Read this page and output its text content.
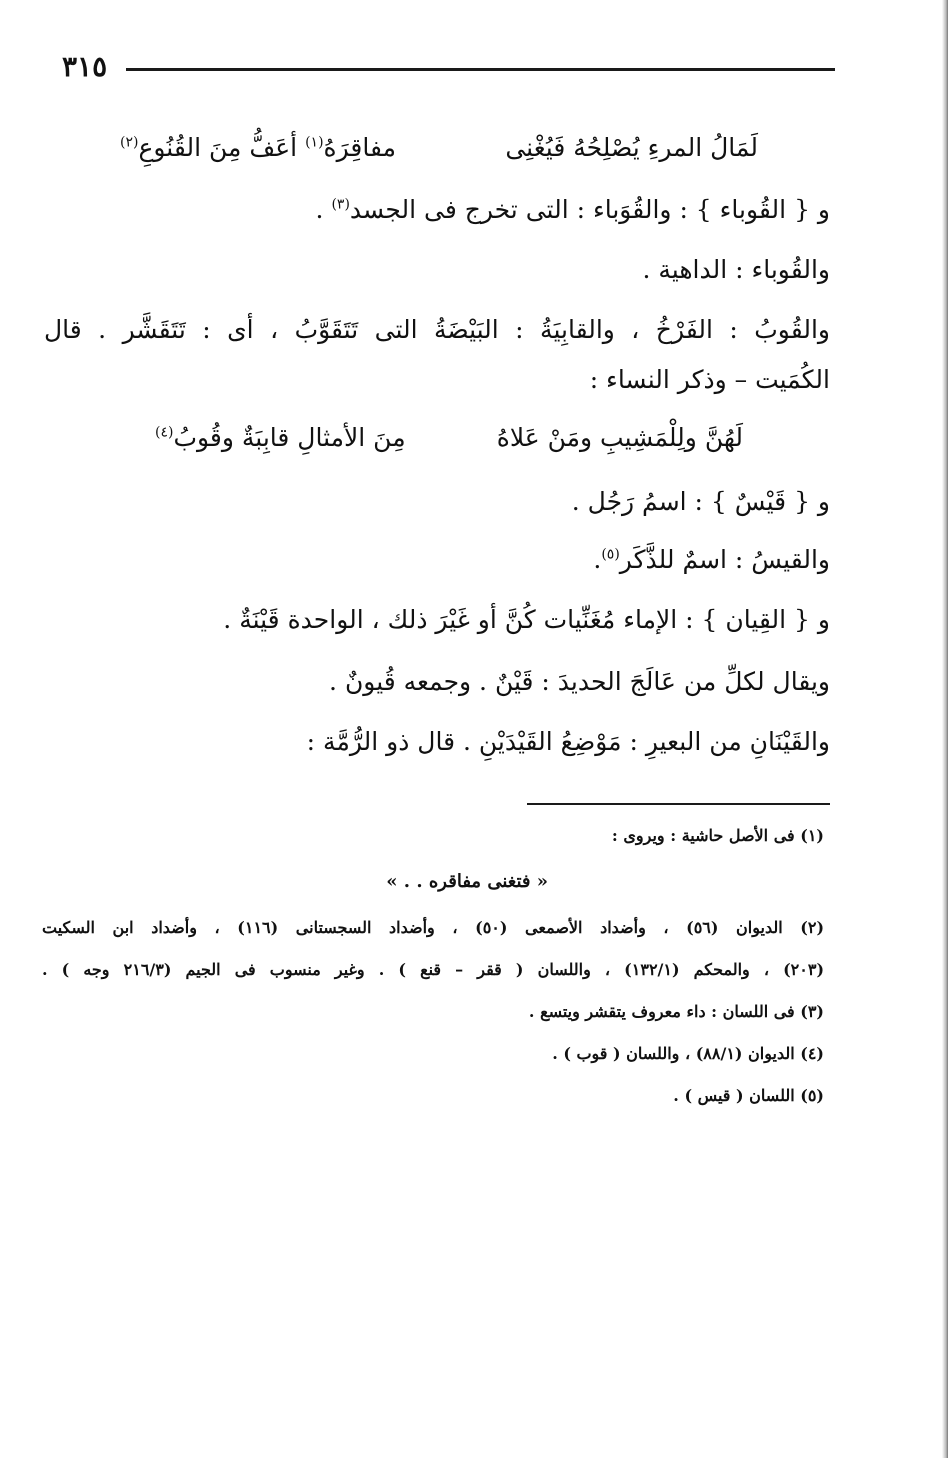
٣١٥
لَمَالُ المرءِ يُصْلِحُهُ فَيُغْنِى
مفاقِرَهُ$^{(١)}$ أعَفُّ مِنَ القُنُوعِ$^{(٢)}$
و { القُوباء } : والقُوَباء : التى تخرج فى الجسد$^{(٣)}$ .
والقُوباء : الداهية .
والقُوبُ : الفَرْخُ ، والقابِيَةُ : البَيْضَةُ التى تَتَقَوَّبُ ، أى : تَتَقَشَّر . قال
الكُمَيت – وذكر النساء :
لَهُنَّ ولِلْمَشِيبِ ومَنْ عَلاهُ
مِنَ الأمثالِ قابِبَةٌ وقُوبُ$^{(٤)}$
و { قَيْسٌ } : اسمُ رَجُل .
والقيسُ : اسمٌ للذَّكَر$^{(٥)}$.
و { القِيان } : الإماء مُغَنِّيات كُنَّ أو غَيْرَ ذلك ، الواحدة قَيْنَةٌ .
ويقال لكلِّ من عَالَجَ الحديدَ : قَيْنٌ . وجمعه قُيونٌ .
والقَيْنَانِ من البعيرِ : مَوْضِعُ القَيْدَيْنِ . قال ذو الرُّمَّة :
(١) فى الأصل حاشية : ويروى :
« فتغنى مفاقره . . »
(٢) الديوان (٥٦) ، وأضداد الأصمعى (٥٠) ، وأضداد السجستانى (١١٦) ، وأضداد ابن السكيت
(٢٠٣) ، والمحكم (١٣٢/١) ، واللسان ( ققر – قنع ) . وغير منسوب فى الجيم (٢١٦/٣ وجه ) .
(٣) فى اللسان : داء معروف يتقشر ويتسع .
(٤) الديوان (٨٨/١) ، واللسان ( قوب ) .
(٥) اللسان ( قيس ) .
